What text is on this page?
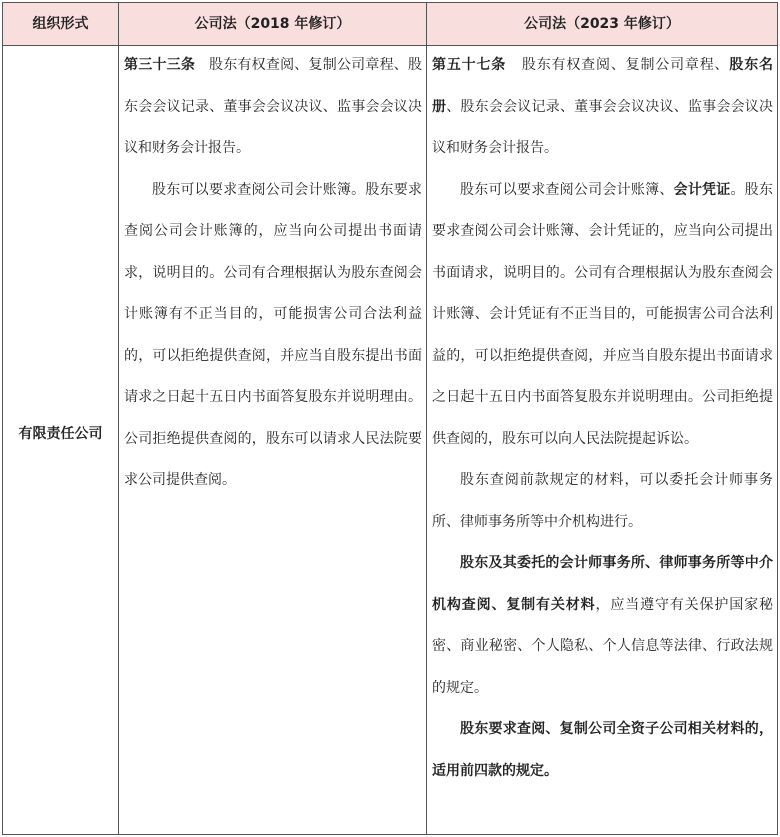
组织形式	公司法（2018 年修订）	公司法（2023 年修订）
有限责任公司

第三十三条 股东有权查阅、复制公司章程、股东会会议记录、董事会会议决议、监事会会议决议和财务会计报告。

股东可以要求查阅公司会计账簿。股东要求查阅公司会计账簿的，应当向公司提出书面请求，说明目的。公司有合理根据认为股东查阅会计账簿有不正当目的，可能损害公司合法利益的，可以拒绝提供查阅，并应当自股东提出书面请求之日起十五日内书面答复股东并说明理由。公司拒绝提供查阅的，股东可以请求人民法院要求公司提供查阅。

第五十七条 股东有权查阅、复制公司章程、股东名册、股东会会议记录、董事会会议决议、监事会会议决议和财务会计报告。

股东可以要求查阅公司会计账簿、会计凭证。股东要求查阅公司会计账簿、会计凭证的，应当向公司提出书面请求，说明目的。公司有合理根据认为股东查阅会计账簿、会计凭证有不正当目的，可能损害公司合法利益的，可以拒绝提供查阅，并应当自股东提出书面请求之日起十五日内书面答复股东并说明理由。公司拒绝提供查阅的，股东可以向人民法院提起诉讼。

股东查阅前款规定的材料，可以委托会计师事务所、律师事务所等中介机构进行。

股东及其委托的会计师事务所、律师事务所等中介机构查阅、复制有关材料，应当遵守有关保护国家秘密、商业秘密、个人隐私、个人信息等法律、行政法规的规定。

股东要求查阅、复制公司全资子公司相关材料的，适用前四款的规定。
